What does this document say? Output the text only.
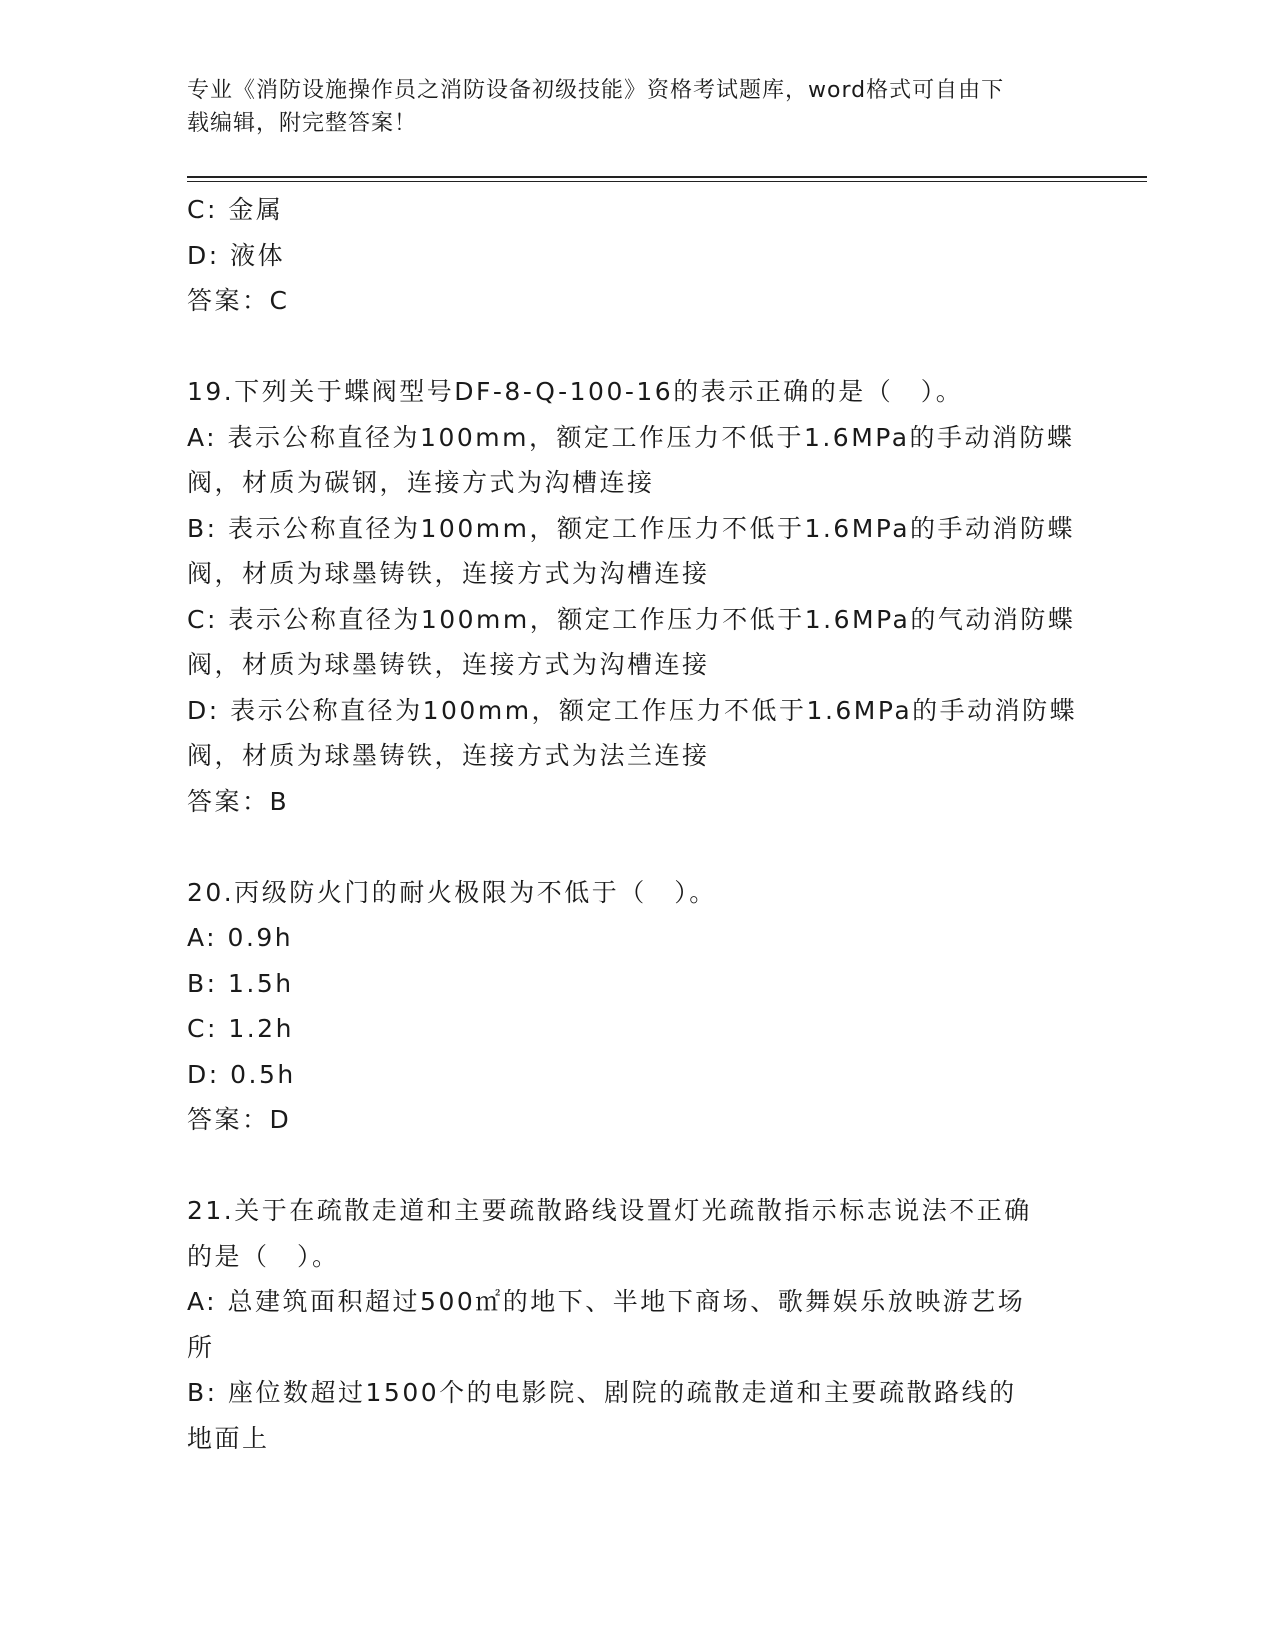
专业《消防设施操作员之消防设备初级技能》资格考试题库，word格式可自由下
载编辑，附完整答案！
C: 金属
D: 液体
答案：C
19.下列关于蝶阀型号DF-8-Q-100-16的表示正确的是（　）。
A: 表示公称直径为100mm，额定工作压力不低于1.6MPa的手动消防蝶
阀，材质为碳钢，连接方式为沟槽连接
B: 表示公称直径为100mm，额定工作压力不低于1.6MPa的手动消防蝶
阀，材质为球墨铸铁，连接方式为沟槽连接
C: 表示公称直径为100mm，额定工作压力不低于1.6MPa的气动消防蝶
阀，材质为球墨铸铁，连接方式为沟槽连接
D: 表示公称直径为100mm，额定工作压力不低于1.6MPa的手动消防蝶
阀，材质为球墨铸铁，连接方式为法兰连接
答案：B
20.丙级防火门的耐火极限为不低于（　）。
A: 0.9h
B: 1.5h
C: 1.2h
D: 0.5h
答案：D
21.关于在疏散走道和主要疏散路线设置灯光疏散指示标志说法不正确
的是（　）。
A: 总建筑面积超过500㎡的地下、半地下商场、歌舞娱乐放映游艺场
所
B: 座位数超过1500个的电影院、剧院的疏散走道和主要疏散路线的
地面上
